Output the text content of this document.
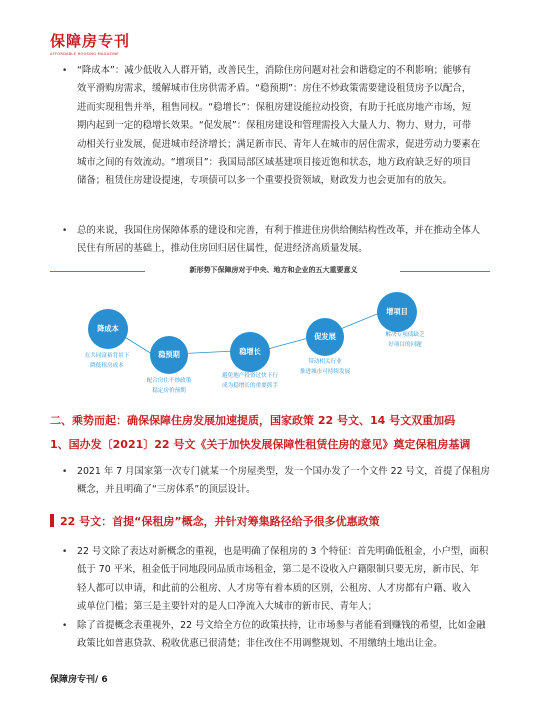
保障房专刊
AFFORDABLE HOUSING MAGAZINE
• “降成本”：减少低收入人群开销，改善民生，消除住房问题对社会和谐稳定的不利影响；能够有
效平滑购房需求，缓解城市住房供需矛盾。“稳预期”：房住不炒政策需要建设租赁房予以配合，
进而实现租售并举，租售同权。“稳增长”：保租房建设能拉动投资，有助于托底房地产市场，短
期内起到一定的稳增长效果。“促发展”：保租房建设和管理需投入大量人力、物力、财力，可带
动相关行业发展，促进城市经济增长；满足新市民、青年人在城市的居住需求，促进劳动力要素在
城市之间的有效流动。“增项目”：我国局部区域基建项目接近饱和状态，地方政府缺乏好的项目
储备；租赁住房建设提速，专项债可以多一个重要投资领域，财政发力也会更加有的放矢。
• 总的来说，我国住房保障体系的建设和完善，有利于推进住房供给侧结构性改革，并在推动全体人
民住有所居的基础上，推动住房回归居住属性，促进经济高质量发展。
新形势下保障房对于中央、地方和企业的五大重要意义
降成本
在共同富裕背景下
降低租房成本
稳预期
配合房住不炒政策
稳定房价预期
稳增长
避免地产投资过快下行
成为稳增长的重要抓手
促发展
带动相关行业
推进城市可持续发展
增项目
解决专项债缺乏
好项目的问题
二、乘势而起：确保保障住房发展加速提质，国家政策 22 号文、14 号文双重加码
1、国办发〔2021〕22 号文《关于加快发展保障性租赁住房的意见》奠定保租房基调
• 2021 年 7 月国家第一次专门就某一个房屋类型，发一个国办发了一个文件 22 号文，首提了保租房
概念，并且明确了“三房体系”的顶层设计。
22 号文：首提“保租房”概念，并针对筹集路径给予很多优惠政策
• 22 号文除了表达对新概念的重视，也是明确了保租房的 3 个特征：首先明确低租金，小户型，面积
低于 70 平米，租金低于同地段同品质市场租金，第二是不设收入户籍限制只要无房，新市民、年
轻人都可以申请，和此前的公租房、人才房等有着本质的区别，公租房、人才房都有户籍、收入
或单位门槛；第三是主要针对的是人口净流入大城市的新市民、青年人；
• 除了首提概念表重视外，22 号文给全方位的政策扶持，让市场参与者能看到赚钱的希望，比如金融
政策比如普惠贷款、税收优惠已很清楚；非住改住不用调整规划、不用缴纳土地出让金。
保障房专刊/ 6
